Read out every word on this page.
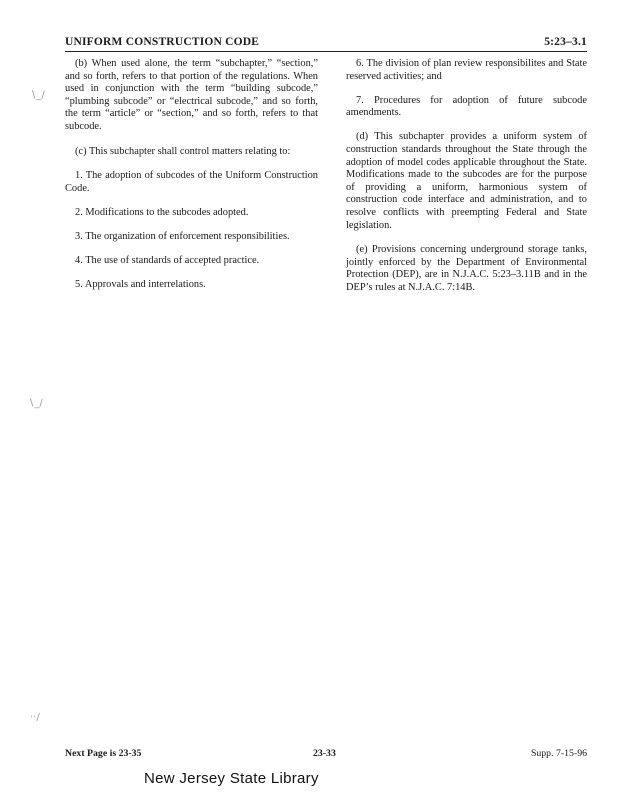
UNIFORM CONSTRUCTION CODE	5:23–3.1

(b) When used alone, the term “subchapter,” “section,” and so forth, refers to that portion of the regulations. When used in conjunction with the term “building subcode,” “plumbing subcode” or “electrical subcode,” and so forth, the term “article” or “section,” and so forth, refers to that subcode.

(c) This subchapter shall control matters relating to:

1. The adoption of subcodes of the Uniform Construction Code.

2. Modifications to the subcodes adopted.

3. The organization of enforcement responsibilities.

4. The use of standards of accepted practice.

5. Approvals and interrelations.

6. The division of plan review responsibilites and State reserved activities; and

7. Procedures for adoption of future subcode amendments.

(d) This subchapter provides a uniform system of construction standards throughout the State through the adoption of model codes applicable throughout the State. Modifications made to the subcodes are for the purpose of providing a uniform, harmonious system of construction code interface and administration, and to resolve conflicts with preempting Federal and State legislation.

(e) Provisions concerning underground storage tanks, jointly enforced by the Department of Environmental Protection (DEP), are in N.J.A.C. 5:23–3.11B and in the DEP’s rules at N.J.A.C. 7:14B.

Next Page is 23-35	23-33	Supp. 7-15-96
New Jersey State Library
∖_∕
∖_∕
··/
